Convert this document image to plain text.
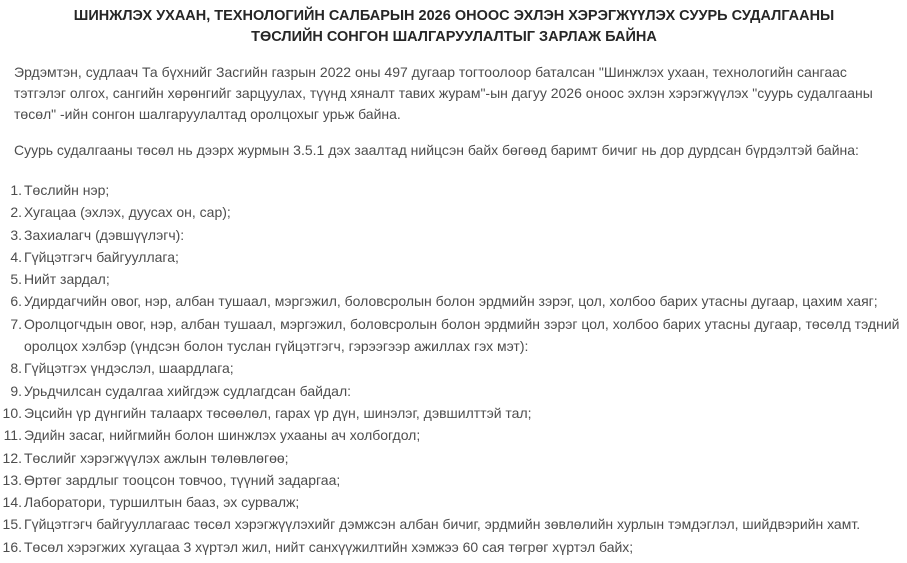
ШИНЖЛЭХ УХААН, ТЕХНОЛОГИЙН САЛБАРЫН 2026 ОНООС ЭХЛЭН ХЭРЭГЖҮҮЛЭХ СУУРЬ СУДАЛГААНЫ ТӨСЛИЙН СОНГОН ШАЛГАРУУЛАЛТЫГ ЗАРЛАЖ БАЙНА

Эрдэмтэн, судлаач Та бүхнийг Засгийн газрын 2022 оны 497 дугаар тогтоолоор баталсан "Шинжлэх ухаан, технологийн сангаас тэтгэлэг олгох, сангийн хөрөнгийг зарцуулах, түүнд хяналт тавих журам"-ын дагуу 2026 оноос эхлэн хэрэгжүүлэх "суурь судалгааны төсөл" -ийн сонгон шалгаруулалтад оролцохыг урьж байна.

Суурь судалгааны төсөл нь дээрх журмын 3.5.1 дэх заалтад нийцсэн байх бөгөөд баримт бичиг нь дор дурдсан бүрдэлтэй байна:

1. Төслийн нэр;
2. Хугацаа (эхлэх, дуусах он, сар);
3. Захиалагч (дэвшүүлэгч):
4. Гүйцэтгэгч байгууллага;
5. Нийт зардал;
6. Удирдагчийн овог, нэр, албан тушаал, мэргэжил, боловсролын болон эрдмийн зэрэг, цол, холбоо барих утасны дугаар, цахим хаяг;
7. Оролцогчдын овог, нэр, албан тушаал, мэргэжил, боловсролын болон эрдмийн зэрэг цол, холбоо барих утасны дугаар, төсөлд тэдний оролцох хэлбэр (үндсэн болон туслан гүйцэтгэгч, гэрээгээр ажиллах гэх мэт):
8. Гүйцэтгэх үндэслэл, шаардлага;
9. Урьдчилсан судалгаа хийгдэж судлагдсан байдал:
10. Эцсийн үр дүнгийн талаарх төсөөлөл, гарах үр дүн, шинэлэг, дэвшилттэй тал;
11. Эдийн засаг, нийгмийн болон шинжлэх ухааны ач холбогдол;
12. Төслийг хэрэгжүүлэх ажлын төлөвлөгөө;
13. Өртөг зардлыг тооцсон товчоо, түүний задаргаа;
14. Лаборатори, туршилтын бааз, эх сурвалж;
15. Гүйцэтгэгч байгууллагаас төсөл хэрэгжүүлэхийг дэмжсэн албан бичиг, эрдмийн зөвлөлийн хурлын тэмдэглэл, шийдвэрийн хамт.
16. Төсөл хэрэгжих хугацаа 3 хүртэл жил, нийт санхүүжилтийн хэмжээ 60 сая төгрөг хүртэл байх;
